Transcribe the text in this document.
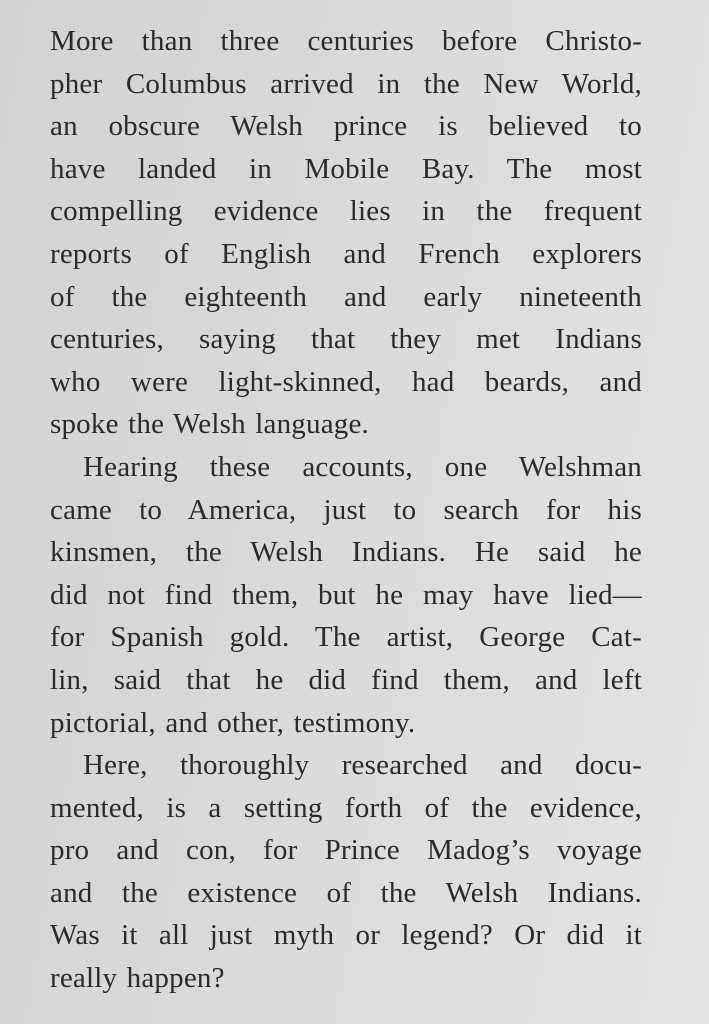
More than three centuries before Christo-
pher Columbus arrived in the New World,
an obscure Welsh prince is believed to
have landed in Mobile Bay. The most
compelling evidence lies in the frequent
reports of English and French explorers
of the eighteenth and early nineteenth
centuries, saying that they met Indians
who were light-skinned, had beards, and
spoke the Welsh language.
Hearing these accounts, one Welshman
came to America, just to search for his
kinsmen, the Welsh Indians. He said he
did not find them, but he may have lied—
for Spanish gold. The artist, George Cat-
lin, said that he did find them, and left
pictorial, and other, testimony.
Here, thoroughly researched and docu-
mented, is a setting forth of the evidence,
pro and con, for Prince Madog’s voyage
and the existence of the Welsh Indians.
Was it all just myth or legend? Or did it
really happen?
